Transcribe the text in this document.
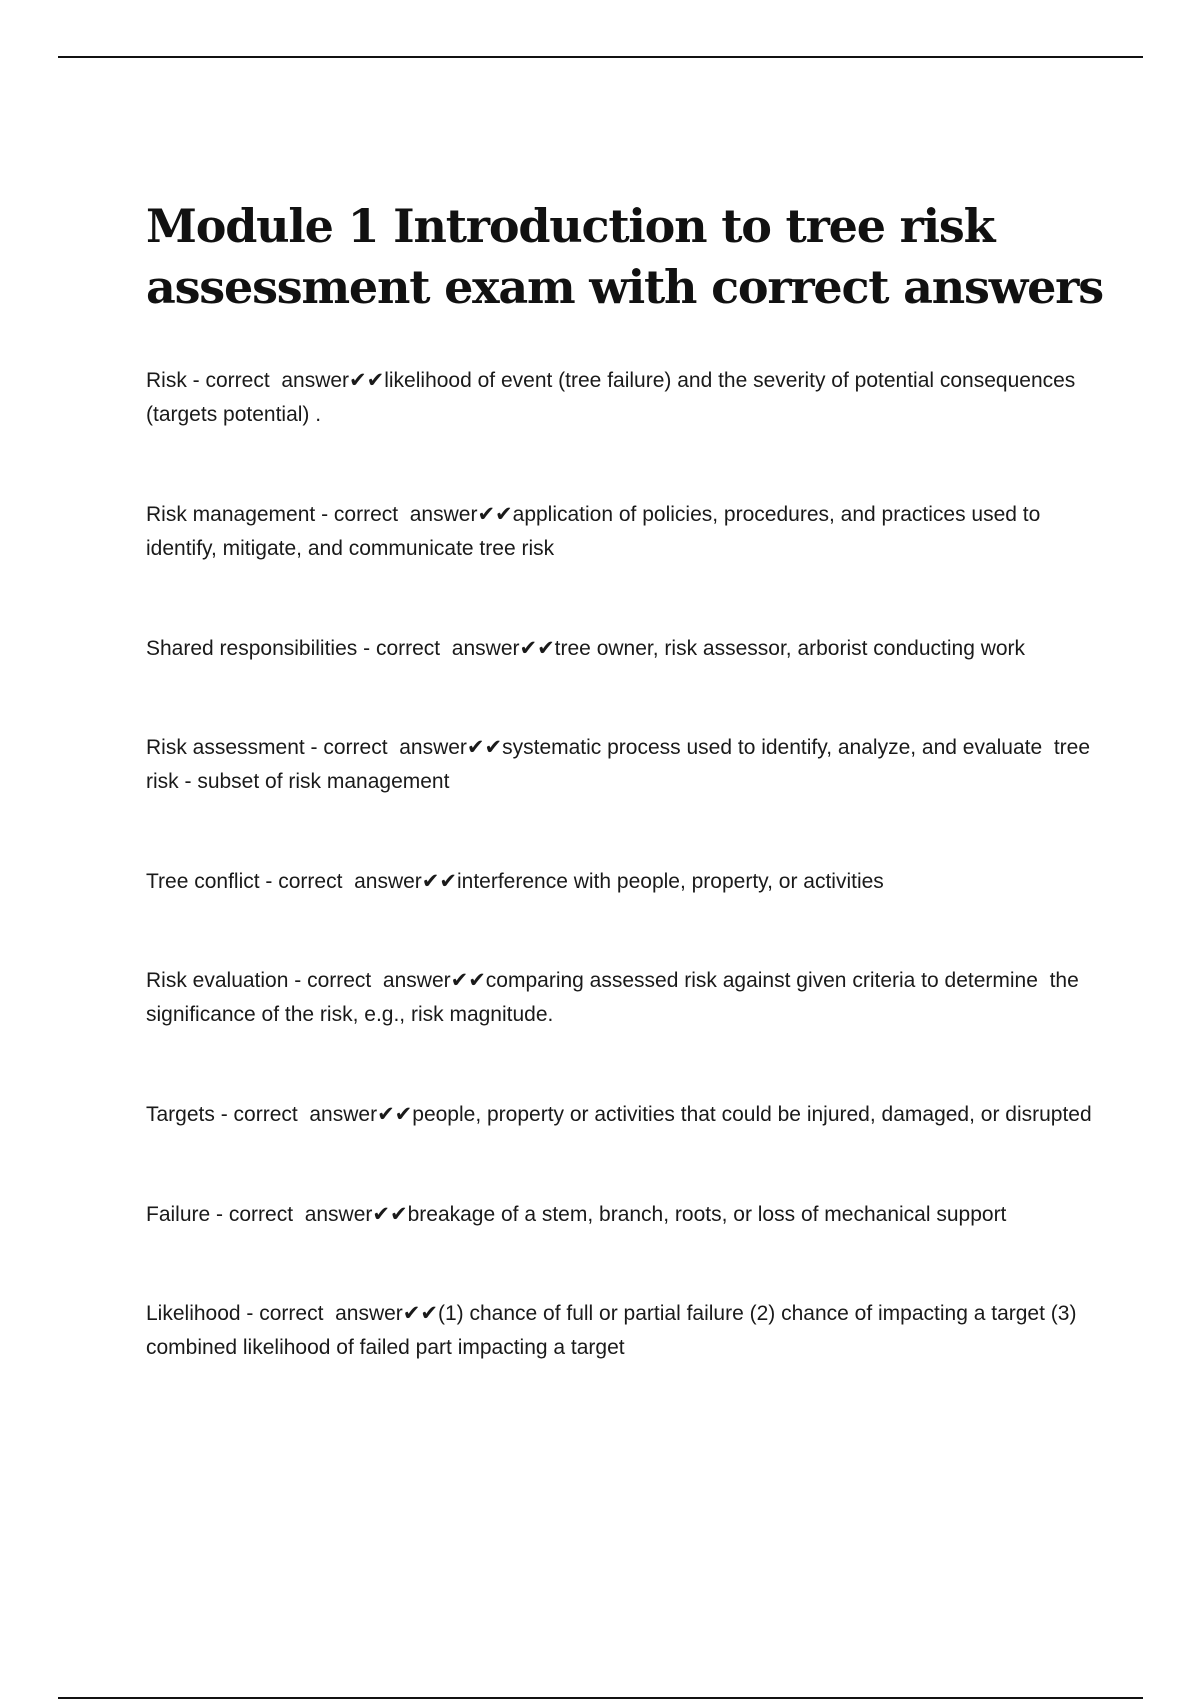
Module 1 Introduction to tree risk assessment exam with correct answers

Risk - correct  answer✔✔likelihood of event (tree failure) and the severity of potential consequences (targets potential) .

Risk management - correct  answer✔✔application of policies, procedures, and practices used to identify, mitigate, and communicate tree risk

Shared responsibilities - correct  answer✔✔tree owner, risk assessor, arborist conducting work

Risk assessment - correct  answer✔✔systematic process used to identify, analyze, and evaluate  tree risk - subset of risk management

Tree conflict - correct  answer✔✔interference with people, property, or activities

Risk evaluation - correct  answer✔✔comparing assessed risk against given criteria to determine  the significance of the risk, e.g., risk magnitude.

Targets - correct  answer✔✔people, property or activities that could be injured, damaged, or disrupted

Failure - correct  answer✔✔breakage of a stem, branch, roots, or loss of mechanical support

Likelihood - correct  answer✔✔(1) chance of full or partial failure (2) chance of impacting a target (3) combined likelihood of failed part impacting a target
